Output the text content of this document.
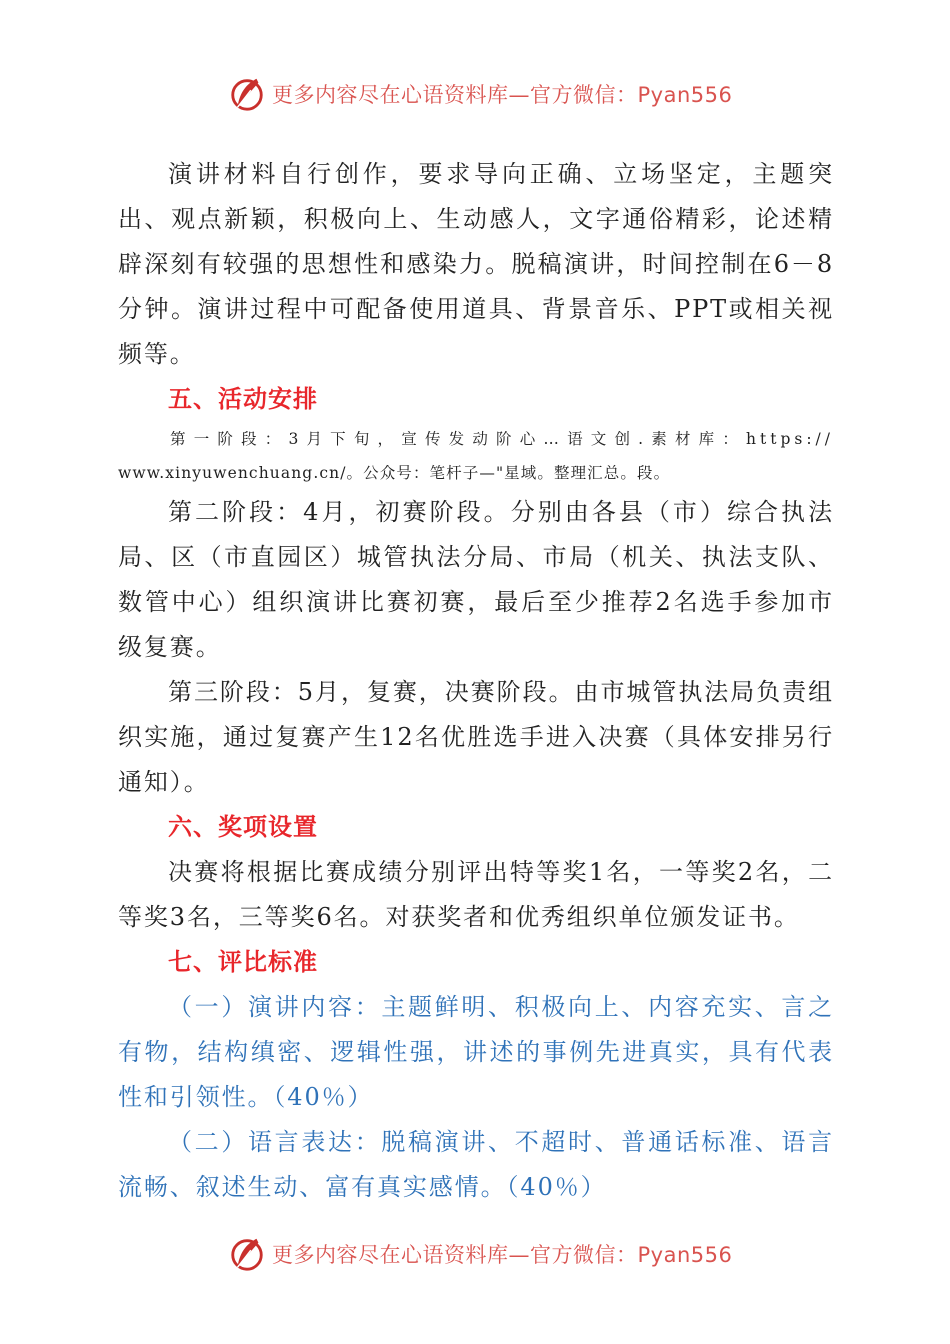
更多内容尽在心语资料库—官方微信：Pyan556

演讲材料自行创作，要求导向正确、立场坚定，主题突出、观点新颖，积极向上、生动感人，文字通俗精彩，论述精辟深刻有较强的思想性和感染力。脱稿演讲，时间控制在6－8分钟。演讲过程中可配备使用道具、背景音乐、PPT或相关视频等。

五、活动安排

第一阶段：3月下旬，宣传发动阶心…语文创.素材库：https://

www.xinyuwenchuang.cn/。公众号：笔杆子—"星域。整理汇总。段。

第二阶段：4月，初赛阶段。分别由各县（市）综合执法局、区（市直园区）城管执法分局、市局（机关、执法支队、数管中心）组织演讲比赛初赛，最后至少推荐2名选手参加市级复赛。

第三阶段：5月，复赛，决赛阶段。由市城管执法局负责组织实施，通过复赛产生12名优胜选手进入决赛（具体安排另行通知）。

六、奖项设置

决赛将根据比赛成绩分别评出特等奖1名，一等奖2名，二等奖3名，三等奖6名。对获奖者和优秀组织单位颁发证书。

七、评比标准

（一）演讲内容：主题鲜明、积极向上、内容充实、言之有物，结构缜密、逻辑性强，讲述的事例先进真实，具有代表性和引领性。（40％）

（二）语言表达：脱稿演讲、不超时、普通话标准、语言流畅、叙述生动、富有真实感情。（40％）

更多内容尽在心语资料库—官方微信：Pyan556
